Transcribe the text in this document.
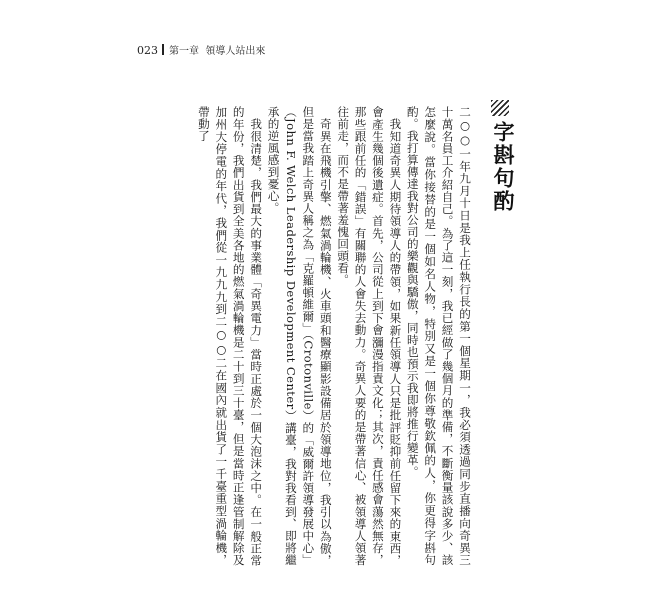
023 第一章 領導人站出來
字斟句酌

二○○一年九月十日是我上任執行長的第一個星期一，我必須透過同步直播向奇異三十萬名員工介紹自己。為了這一刻，我已經做了幾個月的準備，不斷衡量該說多少、該怎麼說。當你接替的是一個如名人物，特別又是一個你尊敬欽佩的人，你更得字斟句酌。我打算傳達我對公司的樂觀與驕傲，同時也預示我即將推行變革。

我知道奇異人期待領導人的帶領，如果新任領導人只是批評貶抑前任留下來的東西，會產生幾個後遺症。首先，公司從上到下會瀰漫指責文化；其次，責任感會蕩然無存，那些跟前任的「錯誤」有關聯的人會失去動力。奇異人要的是帶著信心、被領導人領著往前走，而不是帶著羞愧回頭看。

奇異在飛機引擎、燃氣渦輪機、火車頭和醫療顯影設備居於領導地位，我引以為傲，但是當我踏上奇異人稱之為「克羅頓維爾」（Crotonville）的「威爾許領導發展中心」（John F. Welch Leadership Development Center）講臺，我對我看到、即將繼承的逆風感到憂心。

我很清楚，我們最大的事業體「奇異電力」當時正處於一個大泡沫之中。在一般正常的年份，我們出貨到全美各地的燃氣渦輪機是二十到三十臺，但是當時正逢管制解除及加州大停電的年代，我們從一九九九到二○○二在國內就出貨了一千臺重型渦輪機，帶動了
